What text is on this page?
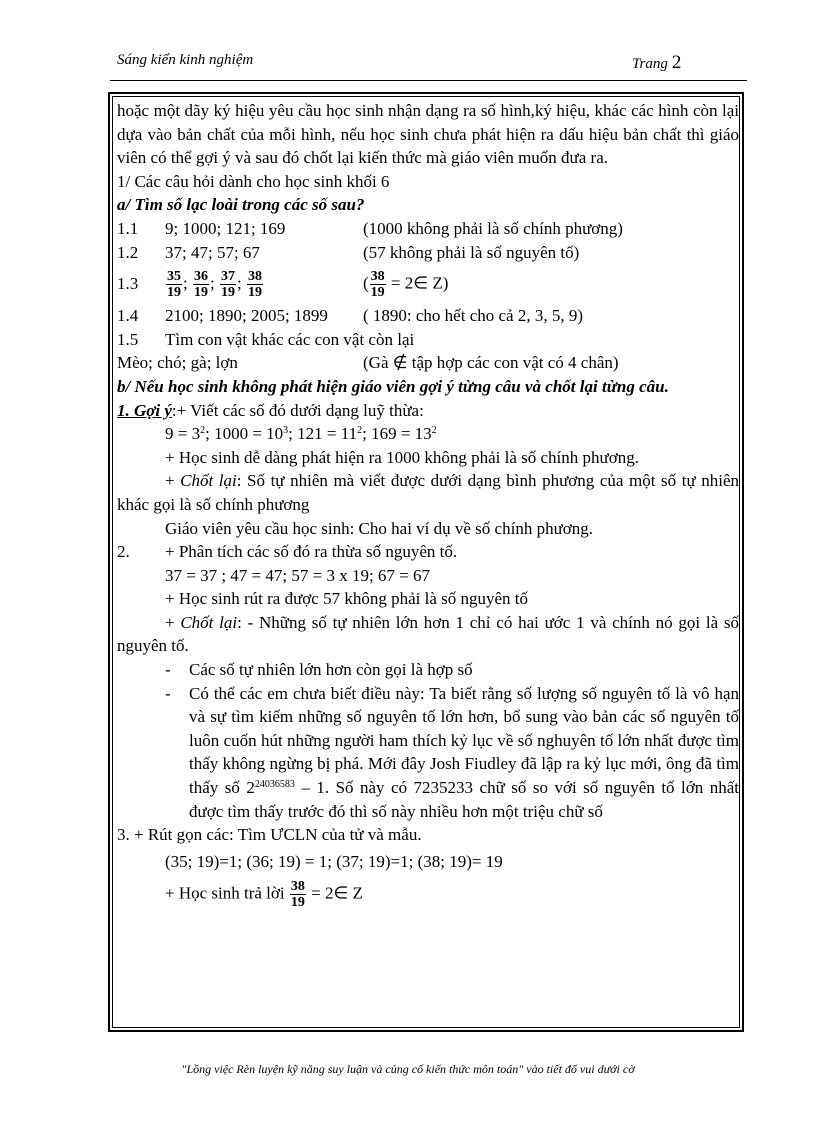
Sáng kiến kinh nghiệm	Trang 2
hoặc một dãy ký hiệu yêu cầu học sinh nhận dạng ra số hình,ký hiệu, khác các hình còn lại dựa vào bản chất của mỗi hình, nếu học sinh chưa phát hiện ra dấu hiệu bản chất thì giáo viên có thể gợi ý và sau đó chốt lại kiến thức mà giáo viên muốn đưa ra.
1/ Các câu hỏi dành cho học sinh khối 6
a/ Tìm số lạc loài trong các số sau?
1.1	9; 1000; 121; 169	(1000 không phải là số chính phương)
1.2	37; 47; 57; 67	(57 không phải là số nguyên tố)
1.3	$\frac{35}{19}$ ; $\frac{36}{19}$ ; $\frac{37}{19}$ ; $\frac{38}{19}$	( $\frac{38}{19}$ = 2∈ Z)
1.4	2100; 1890; 2005; 1899	( 1890: cho hết cho cả 2, 3, 5, 9)
1.5	Tìm con vật khác các con vật còn lại
Mèo; chó; gà; lợn	(Gà ∉ tập hợp các con vật có 4 chân)
b/ Nếu học sinh không phát hiện giáo viên gợi ý từng câu và chốt lại từng câu.
1. Gợi ý:+ Viết các số đó dưới dạng luỹ thừa:
$9 = 3^2$; $1000 = 10^3$; $121 = 11^2$; $169 = 13^2$
+ Học sinh dễ dàng phát hiện ra 1000 không phải là số chính phương.
+ Chốt lại: Số tự nhiên mà viết được dưới dạng bình phương của một số tự nhiên khác gọi là số chính phương
Giáo viên yêu cầu học sinh: Cho hai ví dụ về số chính phương.
2.	+ Phân tích các số đó ra thừa số nguyên tố.
37 = 37 ; 47 = 47; 57 = 3 x 19; 67 = 67
+ Học sinh rút ra được 57 không phải là số nguyên tố
+ Chốt lại: - Những số tự nhiên lớn hơn 1 chỉ có hai ước 1 và chính nó gọi là số nguyên tố.
-	Các số tự nhiên lớn hơn còn gọi là hợp số
-	Có thể các em chưa biết điều này: Ta biết rằng số lượng số nguyên tố là vô hạn và sự tìm kiếm những số nguyên tố lớn hơn, bổ sung vào bản các số nguyên tố luôn cuốn hút những người ham thích kỷ lục về số nghuyên tố lớn nhất được tìm thấy không ngừng bị phá. Mới đây Josh Fiudley đã lập ra kỷ lục mới, ông đã tìm thấy số $2^{24036583} - 1$. Số này có 7235233 chữ số so với số nguyên tố lớn nhất được tìm thấy trước đó thì số này nhiều hơn một triệu chữ số
3. + Rút gọn các: Tìm ƯCLN của tử và mẫu.
(35; 19)=1; (36; 19) = 1; (37; 19)=1; (38; 19)= 19
+ Học sinh trả lời $\frac{38}{19}$ = 2∈ Z
"Lồng việc Rèn luyện kỹ năng suy luận và củng cố kiến thức môn toán" vào tiết đố vui dưới cờ
